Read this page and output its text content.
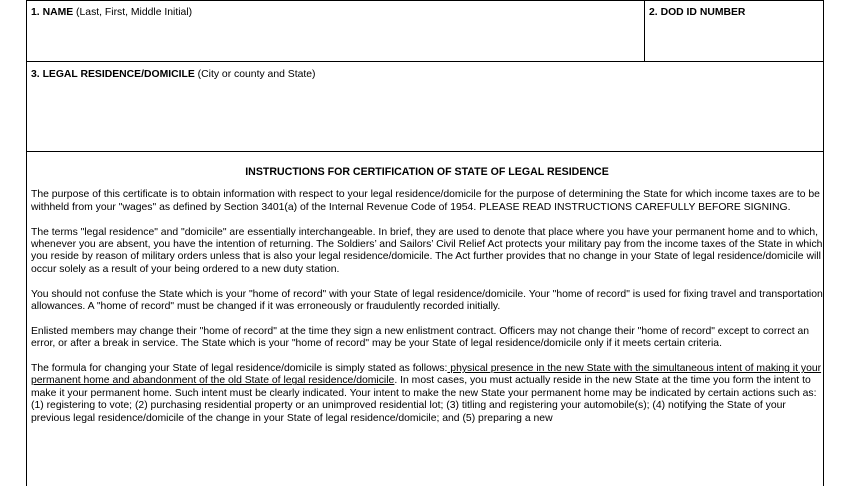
1. NAME (Last, First, Middle Initial)	2. DOD ID NUMBER
3. LEGAL RESIDENCE/DOMICILE (City or county and State)
INSTRUCTIONS FOR CERTIFICATION OF STATE OF LEGAL RESIDENCE

The purpose of this certificate is to obtain information with respect to your legal residence/domicile for the purpose of determining the State for which income taxes are to be withheld from your "wages" as defined by Section 3401(a) of the Internal Revenue Code of 1954. PLEASE READ INSTRUCTIONS CAREFULLY BEFORE SIGNING.

The terms "legal residence" and "domicile" are essentially interchangeable. In brief, they are used to denote that place where you have your permanent home and to which, whenever you are absent, you have the intention of returning. The Soldiers’ and Sailors’ Civil Relief Act protects your military pay from the income taxes of the State in which you reside by reason of military orders unless that is also your legal residence/domicile. The Act further provides that no change in your State of legal residence/domicile will occur solely as a result of your being ordered to a new duty station.

You should not confuse the State which is your "home of record" with your State of legal residence/domicile. Your "home of record" is used for fixing travel and transportation allowances. A "home of record" must be changed if it was erroneously or fraudulently recorded initially.

Enlisted members may change their "home of record" at the time they sign a new enlistment contract. Officers may not change their "home of record" except to correct an error, or after a break in service. The State which is your "home of record" may be your State of legal residence/domicile only if it meets certain criteria.

The formula for changing your State of legal residence/domicile is simply stated as follows: physical presence in the new State with the simultaneous intent of making it your permanent home and abandonment of the old State of legal residence/domicile. In most cases, you must actually reside in the new State at the time you form the intent to make it your permanent home. Such intent must be clearly indicated. Your intent to make the new State your permanent home may be indicated by certain actions such as: (1) registering to vote; (2) purchasing residential property or an unimproved residential lot; (3) titling and registering your automobile(s); (4) notifying the State of your previous legal residence/domicile of the change in your State of legal residence/domicile; and (5) preparing a new
